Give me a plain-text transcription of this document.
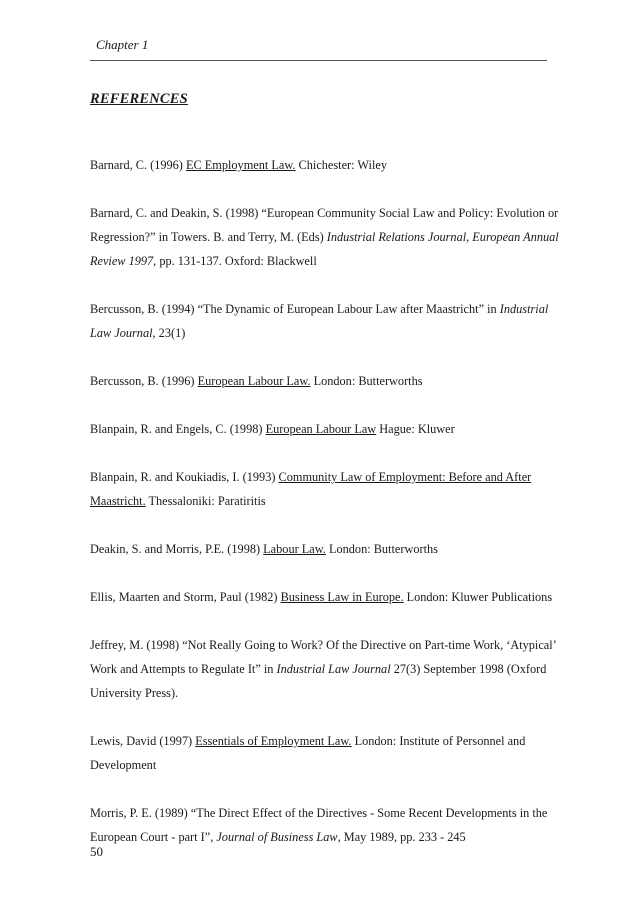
Chapter 1
REFERENCES

Barnard, C. (1996) EC Employment Law. Chichester: Wiley

Barnard, C. and Deakin, S. (1998) “European Community Social Law and Policy: Evolution or Regression?” in Towers. B. and Terry, M. (Eds) Industrial Relations Journal, European Annual Review 1997, pp. 131-137. Oxford: Blackwell

Bercusson, B. (1994) “The Dynamic of European Labour Law after Maastricht” in Industrial Law Journal, 23(1)

Bercusson, B. (1996) European Labour Law. London: Butterworths

Blanpain, R. and Engels, C. (1998) European Labour Law Hague: Kluwer

Blanpain, R. and Koukiadis, I. (1993) Community Law of Employment: Before and After Maastricht. Thessaloniki: Paratiritis

Deakin, S. and Morris, P.E. (1998) Labour Law. London: Butterworths

Ellis, Maarten and Storm, Paul (1982) Business Law in Europe. London: Kluwer Publications

Jeffrey, M. (1998) “Not Really Going to Work? Of the Directive on Part-time Work, ‘Atypical’ Work and Attempts to Regulate It” in Industrial Law Journal 27(3) September 1998 (Oxford University Press).

Lewis, David (1997) Essentials of Employment Law. London: Institute of Personnel and Development

Morris, P. E. (1989) “The Direct Effect of the Directives - Some Recent Developments in the European Court - part I”, Journal of Business Law, May 1989, pp. 233 - 245

50
